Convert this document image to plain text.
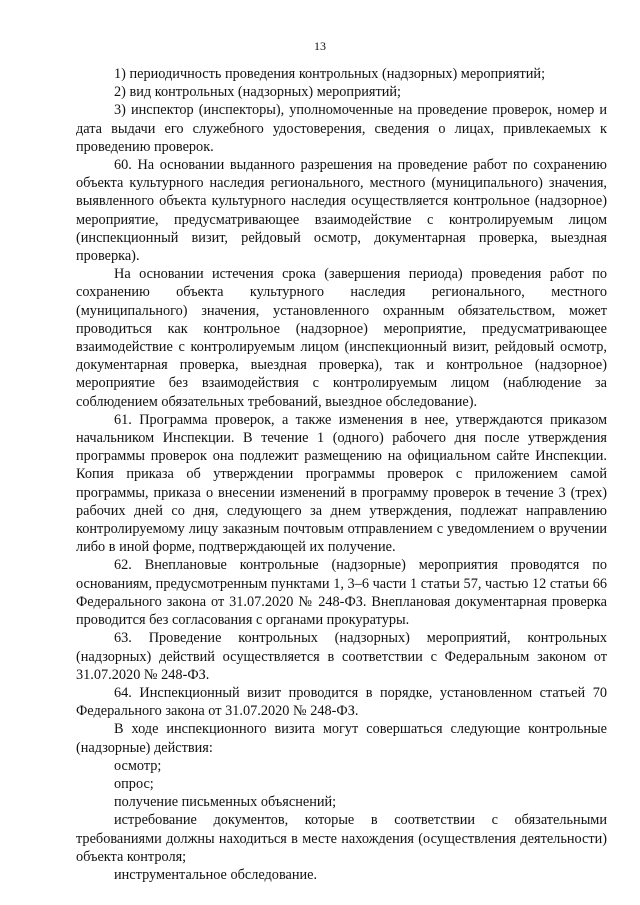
13

1) периодичность проведения контрольных (надзорных) мероприятий;

2) вид контрольных (надзорных) мероприятий;

3) инспектор (инспекторы), уполномоченные на проведение проверок, номер и дата выдачи его служебного удостоверения, сведения о лицах, привлекаемых к проведению проверок.

60. На основании выданного разрешения на проведение работ по сохранению объекта культурного наследия регионального, местного (муниципального) значения, выявленного объекта культурного наследия осуществляется контрольное (надзорное) мероприятие, предусматривающее взаимодействие с контролируемым лицом (инспекционный визит, рейдовый осмотр, документарная проверка, выездная проверка).

На основании истечения срока (завершения периода) проведения работ по сохранению объекта культурного наследия регионального, местного (муниципального) значения, установленного охранным обязательством, может проводиться как контрольное (надзорное) мероприятие, предусматривающее взаимодействие с контролируемым лицом (инспекционный визит, рейдовый осмотр, документарная проверка, выездная проверка), так и контрольное (надзорное) мероприятие без взаимодействия с контролируемым лицом (наблюдение за соблюдением обязательных требований, выездное обследование).

61. Программа проверок, а также изменения в нее, утверждаются приказом начальником Инспекции. В течение 1 (одного) рабочего дня после утверждения программы проверок она подлежит размещению на официальном сайте Инспекции. Копия приказа об утверждении программы проверок с приложением самой программы, приказа о внесении изменений в программу проверок в течение 3 (трех) рабочих дней со дня, следующего за днем утверждения, подлежат направлению контролируемому лицу заказным почтовым отправлением с уведомлением о вручении либо в иной форме, подтверждающей их получение.

62. Внеплановые контрольные (надзорные) мероприятия проводятся по основаниям, предусмотренным пунктами 1, 3–6 части 1 статьи 57, частью 12 статьи 66 Федерального закона от 31.07.2020 № 248-ФЗ. Внеплановая документарная проверка проводится без согласования с органами прокуратуры.

63. Проведение контрольных (надзорных) мероприятий, контрольных (надзорных) действий осуществляется в соответствии с Федеральным законом от 31.07.2020 № 248-ФЗ.

64. Инспекционный визит проводится в порядке, установленном статьей 70 Федерального закона от 31.07.2020 № 248-ФЗ.

В ходе инспекционного визита могут совершаться следующие контрольные (надзорные) действия:

осмотр;

опрос;

получение письменных объяснений;

истребование документов, которые в соответствии с обязательными требованиями должны находиться в месте нахождения (осуществления деятельности) объекта контроля;

инструментальное обследование.
